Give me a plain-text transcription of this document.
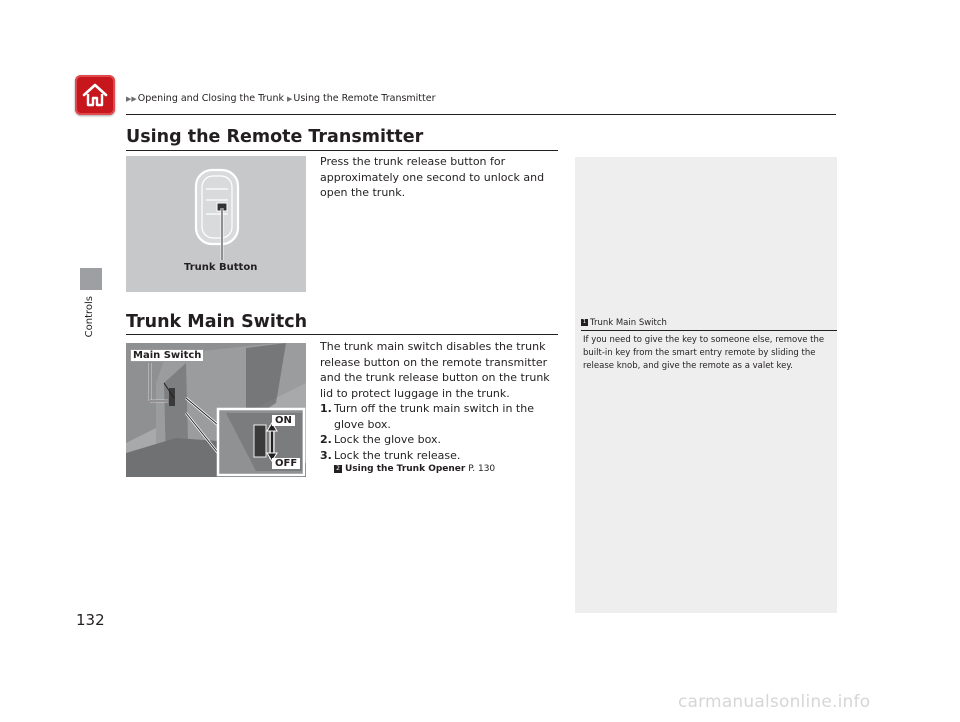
▶▶Opening and Closing the Trunk ▶Using the Remote Transmitter
Controls
Using the Remote Transmitter
Trunk Button
Press the trunk release button for approximately one second to unlock and open the trunk.
Trunk Main Switch
Main Switch
ON
OFF
The trunk main switch disables the trunk release button on the remote transmitter and the trunk release button on the trunk lid to protect luggage in the trunk.
1. Turn off the trunk main switch in the glove box.
2. Lock the glove box.
3. Lock the trunk release.
2 Using the Trunk Opener P. 130
1 Trunk Main Switch
If you need to give the key to someone else, remove the built-in key from the smart entry remote by sliding the release knob, and give the remote as a valet key.
132
carmanualsonline.info
